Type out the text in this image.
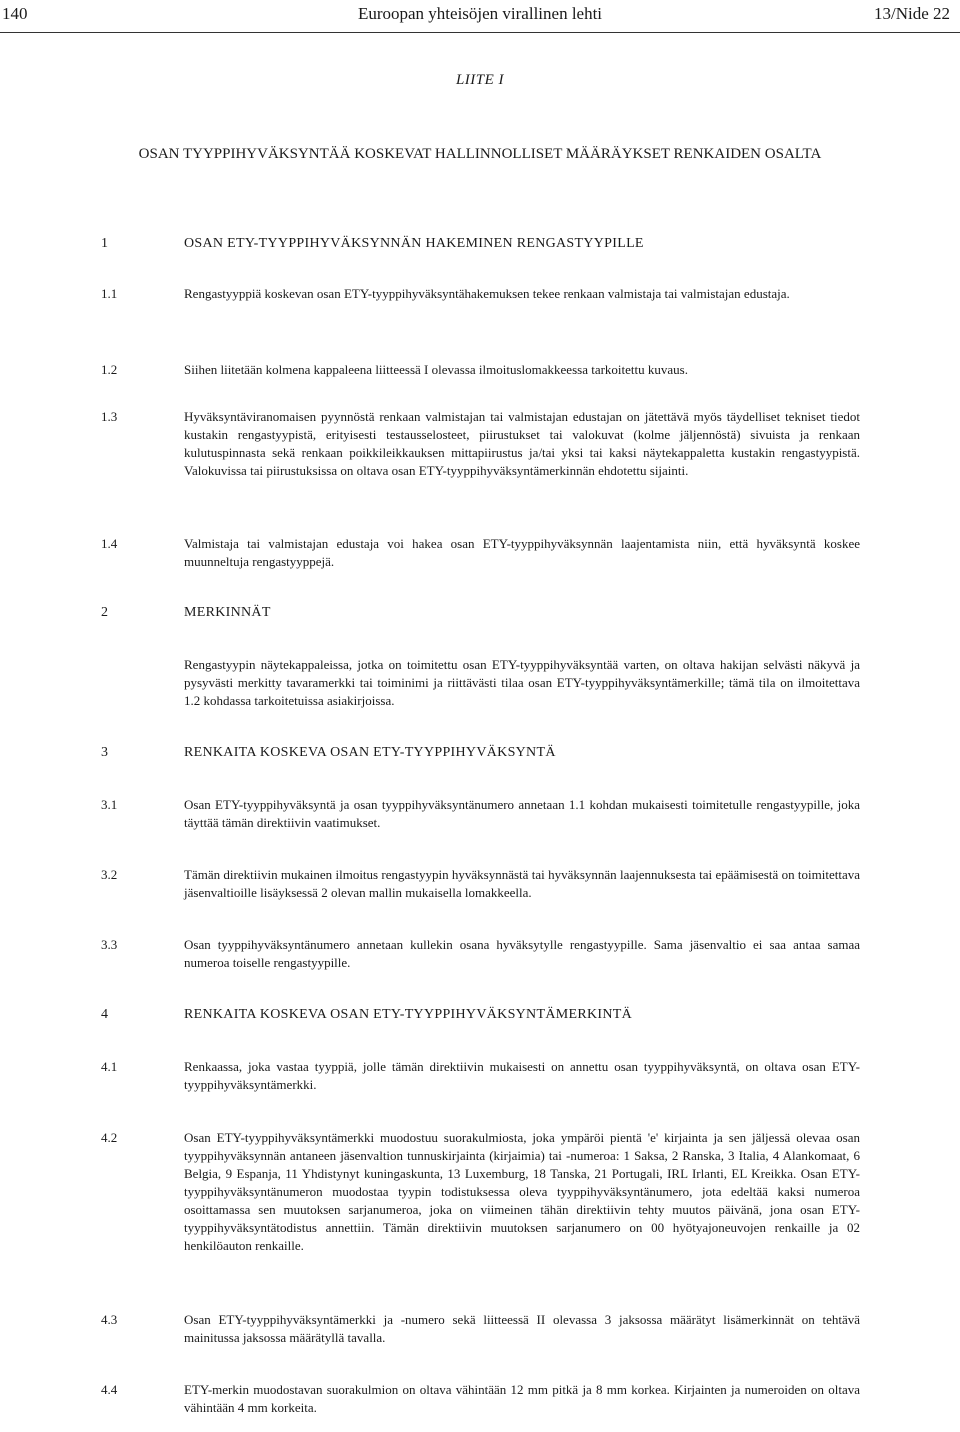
140	Euroopan yhteisöjen virallinen lehti	13/Nide 22
LIITE I
OSAN TYYPPIHYVÄKSYNTÄÄ KOSKEVAT HALLINNOLLISET MÄÄRÄYKSET RENKAIDEN OSALTA
1	OSAN ETY-TYYPPIHYVÄKSYNNÄN HAKEMINEN RENGASTYYPILLE
1.1	Rengastyyppiä koskevan osan ETY-tyyppihyväksyntähakemuksen tekee renkaan valmistaja tai valmistajan edustaja.
1.2	Siihen liitetään kolmena kappaleena liitteessä I olevassa ilmoituslomakkeessa tarkoitettu kuvaus.
1.3	Hyväksyntäviranomaisen pyynnöstä renkaan valmistajan tai valmistajan edustajan on jätettävä myös täydelliset tekniset tiedot kustakin rengastyypistä, erityisesti testausselosteet, piirustukset tai valokuvat (kolme jäljennöstä) sivuista ja renkaan kulutuspinnasta sekä renkaan poikkileikkauksen mittapiirustus ja/tai yksi tai kaksi näytekappaletta kustakin rengastyypistä. Valokuvissa tai piirustuksissa on oltava osan ETY-tyyppihyväksyntämerkinnän ehdotettu sijainti.
1.4	Valmistaja tai valmistajan edustaja voi hakea osan ETY-tyyppihyväksynnän laajentamista niin, että hyväksyntä koskee muunneltuja rengastyyppejä.
2	MERKINNÄT
Rengastyypin näytekappaleissa, jotka on toimitettu osan ETY-tyyppihyväksyntää varten, on oltava hakijan selvästi näkyvä ja pysyvästi merkitty tavaramerkki tai toiminimi ja riittävästi tilaa osan ETY-tyyppihyväksyntämerkille; tämä tila on ilmoitettava 1.2 kohdassa tarkoitetuissa asiakirjoissa.
3	RENKAITA KOSKEVA OSAN ETY-TYYPPIHYVÄKSYNTÄ
3.1	Osan ETY-tyyppihyväksyntä ja osan tyyppihyväksyntänumero annetaan 1.1 kohdan mukaisesti toimitetulle rengastyypille, joka täyttää tämän direktiivin vaatimukset.
3.2	Tämän direktiivin mukainen ilmoitus rengastyypin hyväksynnästä tai hyväksynnän laajennuksesta tai epäämisestä on toimitettava jäsenvaltioille lisäyksessä 2 olevan mallin mukaisella lomakkeella.
3.3	Osan tyyppihyväksyntänumero annetaan kullekin osana hyväksytylle rengastyypille. Sama jäsenvaltio ei saa antaa samaa numeroa toiselle rengastyypille.
4	RENKAITA KOSKEVA OSAN ETY-TYYPPIHYVÄKSYNTÄMERKINTÄ
4.1	Renkaassa, joka vastaa tyyppiä, jolle tämän direktiivin mukaisesti on annettu osan tyyppihyväksyntä, on oltava osan ETY-tyyppihyväksyntämerkki.
4.2	Osan ETY-tyyppihyväksyntämerkki muodostuu suorakulmiosta, joka ympäröi pientä 'e' kirjainta ja sen jäljessä olevaa osan tyyppihyväksynnän antaneen jäsenvaltion tunnuskirjainta (kirjaimia) tai -numeroa: 1 Saksa, 2 Ranska, 3 Italia, 4 Alankomaat, 6 Belgia, 9 Espanja, 11 Yhdistynyt kuningaskunta, 13 Luxemburg, 18 Tanska, 21 Portugali, IRL Irlanti, EL Kreikka. Osan ETY-tyyppihyväksyntänumeron muodostaa tyypin todistuksessa oleva tyyppihyväksyntänumero, jota edeltää kaksi numeroa osoittamassa sen muutoksen sarjanumeroa, joka on viimeinen tähän direktiivin tehty muutos päivänä, jona osan ETY-tyyppihyväksyntätodistus annettiin. Tämän direktiivin muutoksen sarjanumero on 00 hyötyajoneuvojen renkaille ja 02 henkilöauton renkaille.
4.3	Osan ETY-tyyppihyväksyntämerkki ja -numero sekä liitteessä II olevassa 3 jaksossa määrätyt lisämerkinnät on tehtävä mainitussa jaksossa määrätyllä tavalla.
4.4	ETY-merkin muodostavan suorakulmion on oltava vähintään 12 mm pitkä ja 8 mm korkea. Kirjainten ja numeroiden on oltava vähintään 4 mm korkeita.
